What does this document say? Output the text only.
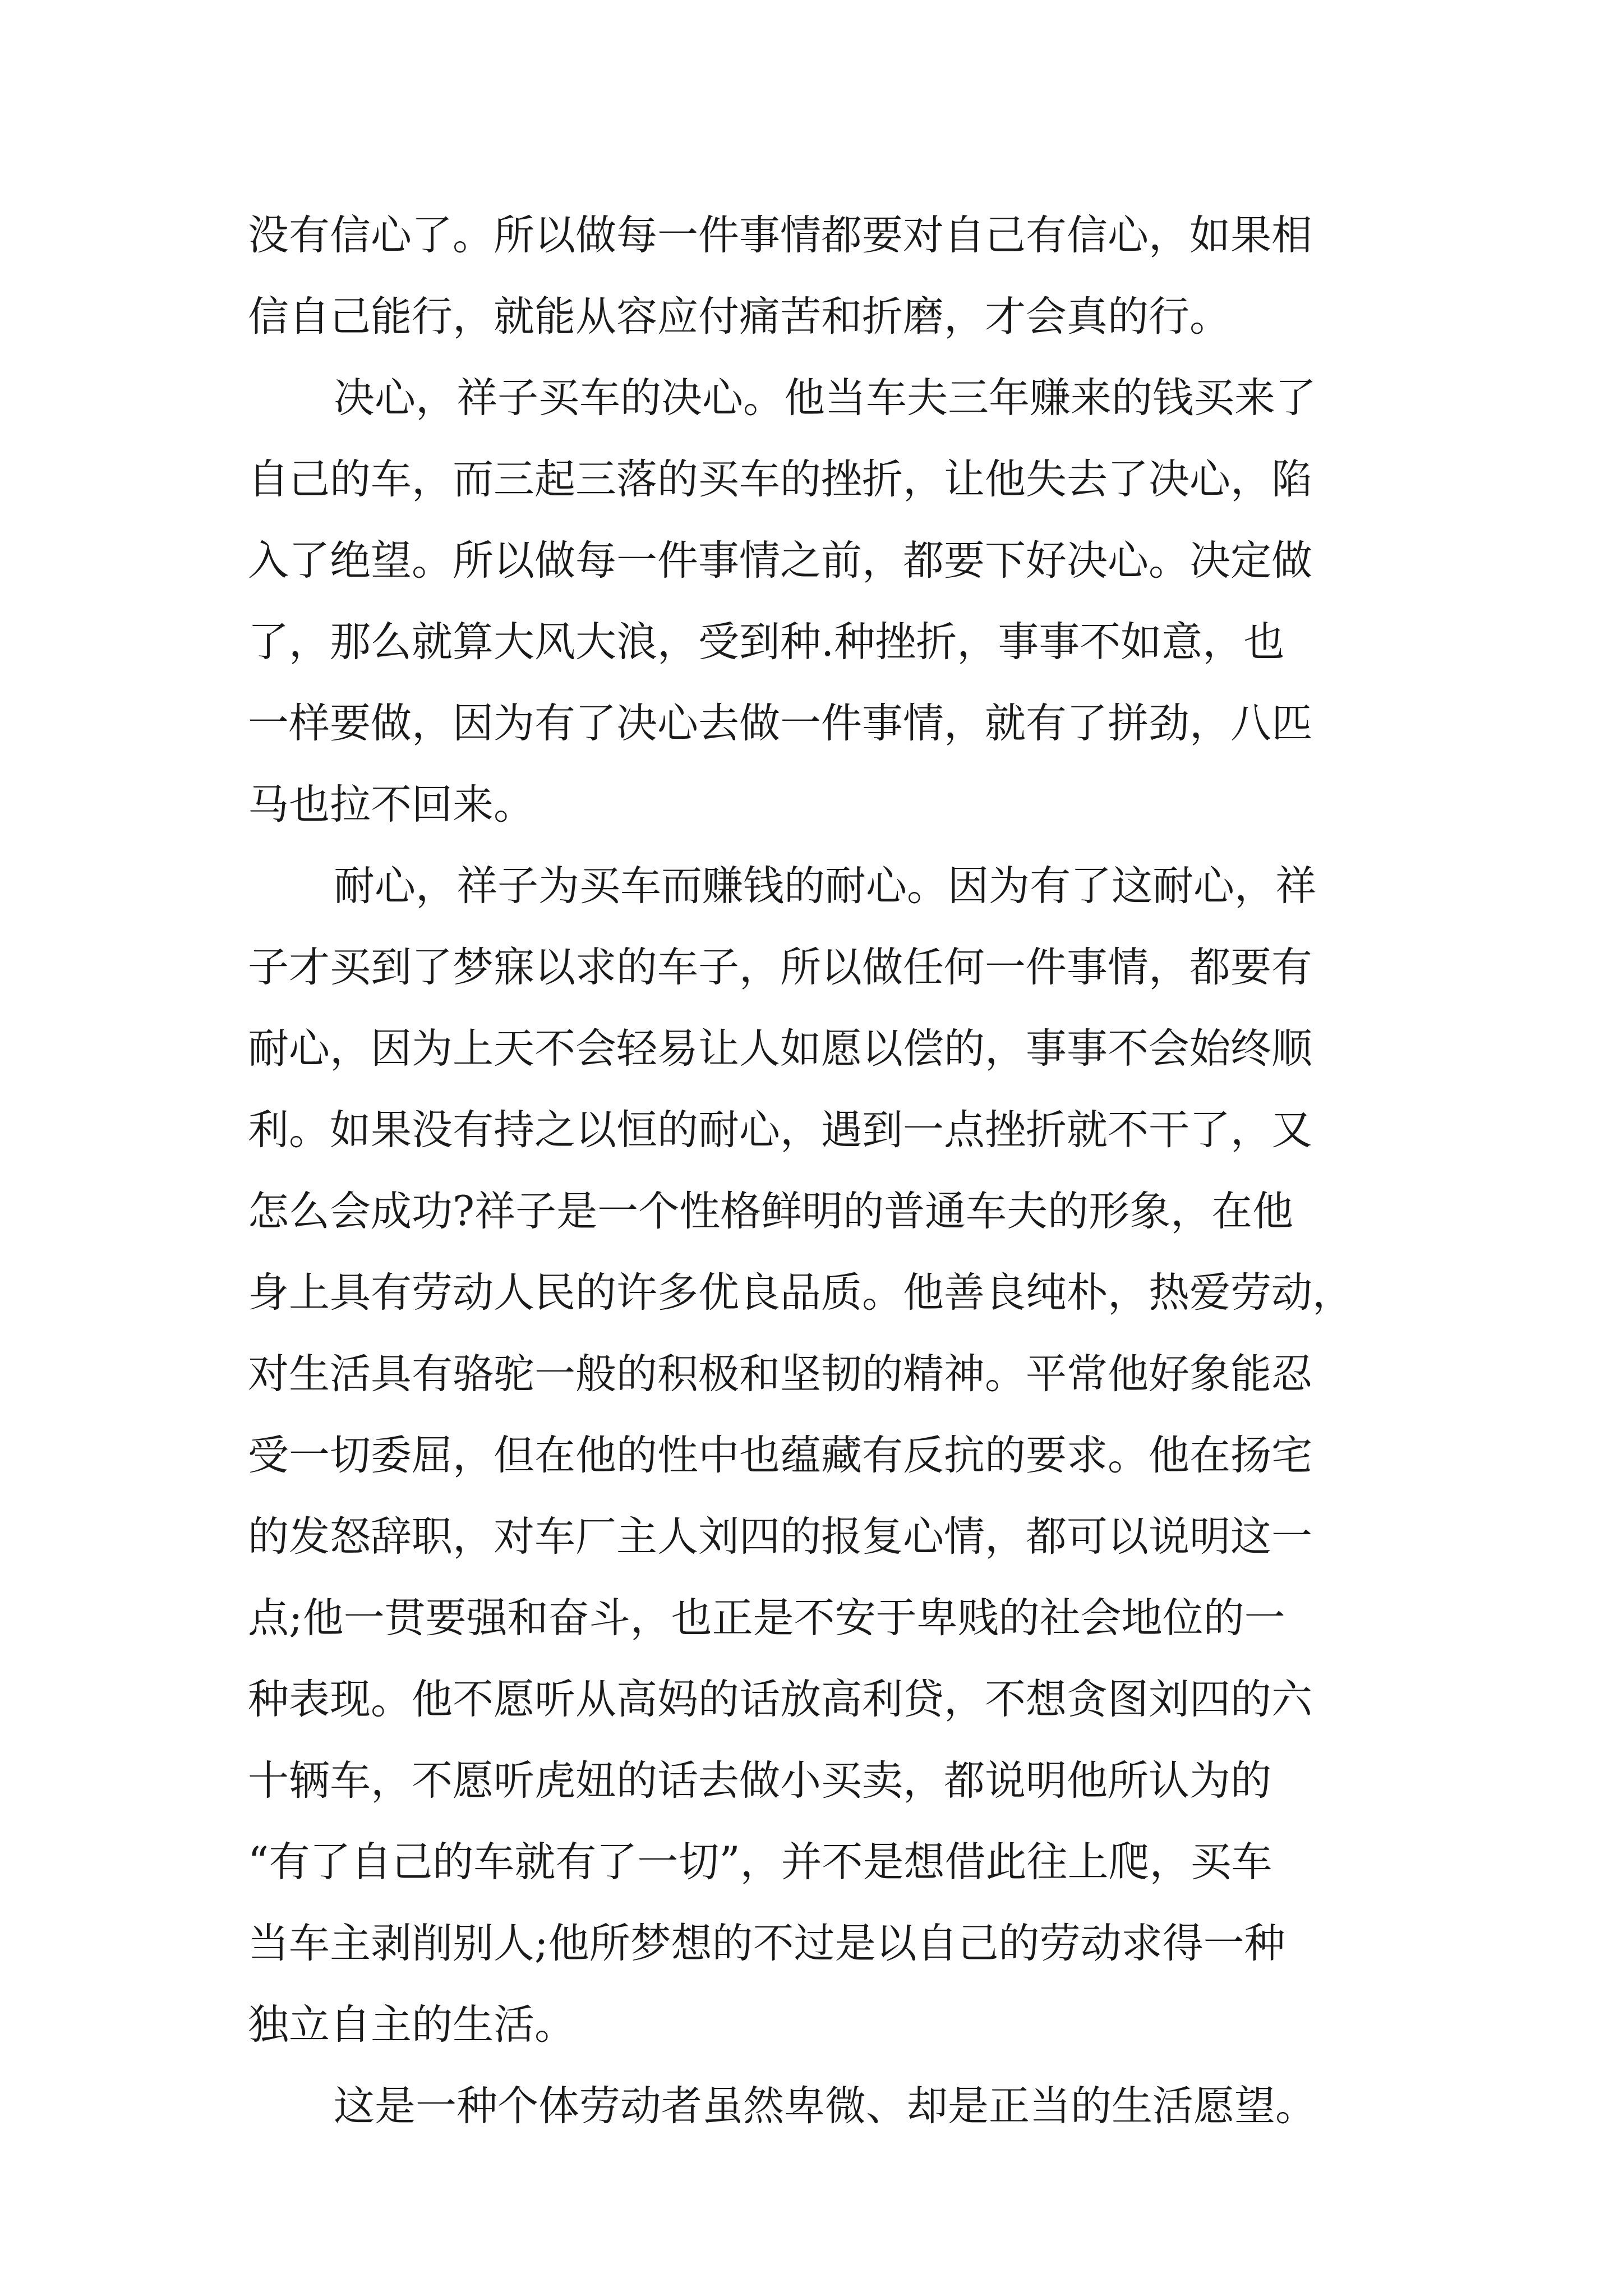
没有信心了。所以做每一件事情都要对自己有信心，如果相
信自己能行，就能从容应付痛苦和折磨，才会真的行。
决心，祥子买车的决心。他当车夫三年赚来的钱买来了
自己的车，而三起三落的买车的挫折，让他失去了决心，陷
入了绝望。所以做每一件事情之前，都要下好决心。决定做
了，那么就算大风大浪，受到种.种挫折，事事不如意，也
一样要做，因为有了决心去做一件事情，就有了拼劲，八匹
马也拉不回来。
耐心，祥子为买车而赚钱的耐心。因为有了这耐心，祥
子才买到了梦寐以求的车子，所以做任何一件事情，都要有
耐心，因为上天不会轻易让人如愿以偿的，事事不会始终顺
利。如果没有持之以恒的耐心，遇到一点挫折就不干了，又
怎么会成功?祥子是一个性格鲜明的普通车夫的形象，在他
身上具有劳动人民的许多优良品质。他善良纯朴，热爱劳动，
对生活具有骆驼一般的积极和坚韧的精神。平常他好象能忍
受一切委屈，但在他的性中也蕴藏有反抗的要求。他在扬宅
的发怒辞职，对车厂主人刘四的报复心情，都可以说明这一
点;他一贯要强和奋斗，也正是不安于卑贱的社会地位的一
种表现。他不愿听从高妈的话放高利贷，不想贪图刘四的六
十辆车，不愿听虎妞的话去做小买卖，都说明他所认为的
“有了自己的车就有了一切”，并不是想借此往上爬，买车
当车主剥削别人;他所梦想的不过是以自己的劳动求得一种
独立自主的生活。
这是一种个体劳动者虽然卑微、却是正当的生活愿望。
